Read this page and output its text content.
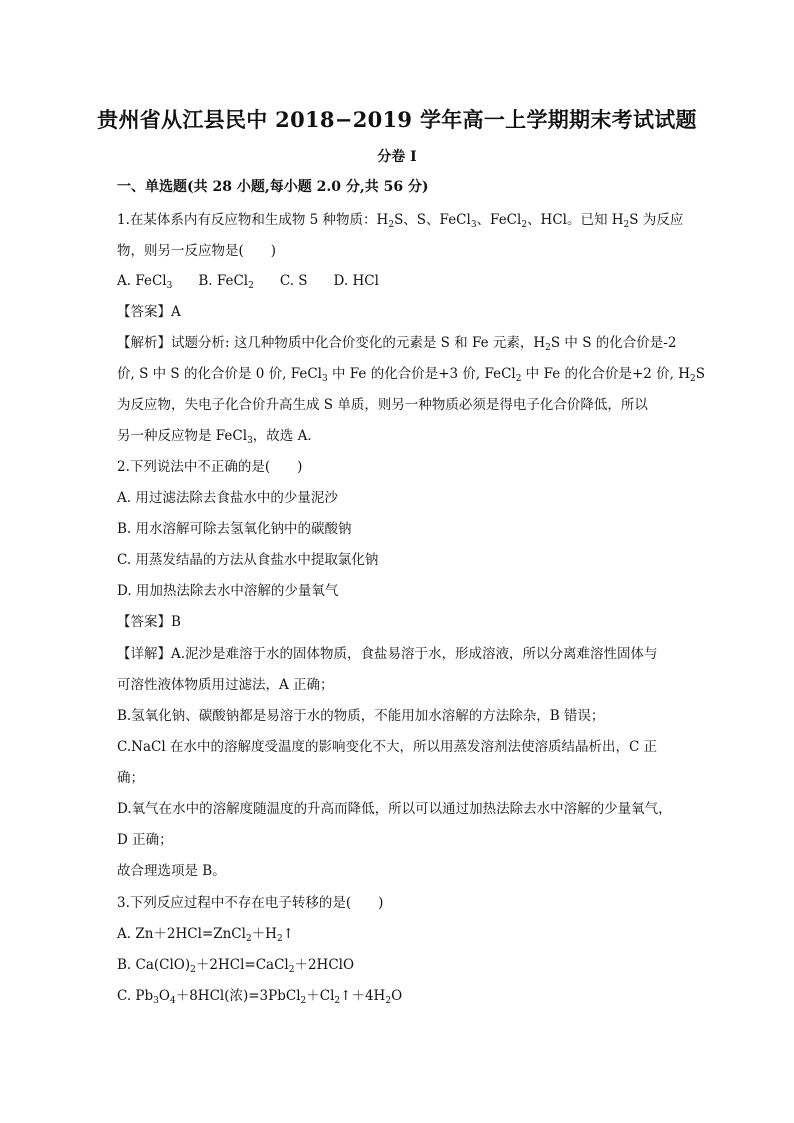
贵州省从江县民中 2018−2019 学年高一上学期期末考试试题
分卷 I
一、单选题(共 28 小题,每小题 2.0 分,共 56 分)
1.在某体系内有反应物和生成物 5 种物质：$H_2S$、S、FeCl$_3$、FeCl$_2$、HCl。已知 $H_2S$ 为反应
物，则另一反应物是(　　)
A. FeCl$_3$ B. FeCl$_2$ C. S D. HCl
【答案】A
【解析】试题分析: 这几种物质中化合价变化的元素是 S 和 Fe 元素，$H_2S$ 中 S 的化合价是-2
价, S 中 S 的化合价是 0 价, FeCl$_3$ 中 Fe 的化合价是+3 价, FeCl$_2$ 中 Fe 的化合价是+2 价, $H_2S$
为反应物，失电子化合价升高生成 S 单质，则另一种物质必须是得电子化合价降低，所以
另一种反应物是 FeCl$_3$，故选 A．
2.下列说法中不正确的是(　　)
A. 用过滤法除去食盐水中的少量泥沙
B. 用水溶解可除去氢氧化钠中的碳酸钠
C. 用蒸发结晶的方法从食盐水中提取氯化钠
D. 用加热法除去水中溶解的少量氧气
【答案】B
【详解】A.泥沙是难溶于水的固体物质，食盐易溶于水，形成溶液，所以分离难溶性固体与
可溶性液体物质用过滤法，A 正确；
B.氢氧化钠、碳酸钠都是易溶于水的物质，不能用加水溶解的方法除杂，B 错误；
C.NaCl 在水中的溶解度受温度的影响变化不大，所以用蒸发溶剂法使溶质结晶析出，C 正
确；
D.氧气在水中的溶解度随温度的升高而降低，所以可以通过加热法除去水中溶解的少量氧气，
D 正确；
故合理选项是 B。
3.下列反应过程中不存在电子转移的是(　　)
A. $Zn+2HCl=ZnCl_2+H_2↑$
B. $Ca(ClO)_2+2HCl=CaCl_2+2HClO$
C. $Pb_3O_4+8HCl$(浓)$=3PbCl_2+Cl_2↑+4H_2O$
